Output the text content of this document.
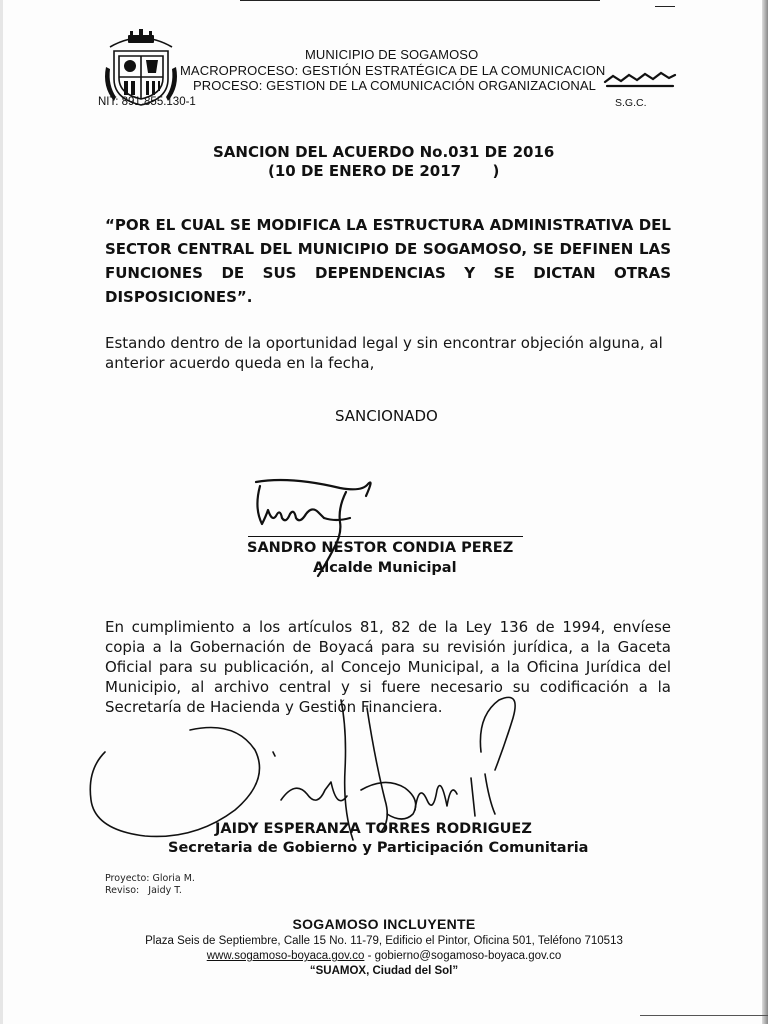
MUNICIPIO DE SOGAMOSO
MACROPROCESO: GESTIÓN ESTRATÉGICA DE LA COMUNICACION
PROCESO: GESTION DE LA COMUNICACIÓN ORGANIZACIONAL
NIT: 891.855.130-1	S.G.C.
SANCION DEL ACUERDO No.031 DE 2016
(10 DE ENERO DE 2017      )
“POR EL CUAL SE MODIFICA LA ESTRUCTURA ADMINISTRATIVA DEL SECTOR CENTRAL DEL MUNICIPIO DE SOGAMOSO, SE DEFINEN LAS FUNCIONES DE SUS DEPENDENCIAS Y SE DICTAN OTRAS DISPOSICIONES”.
Estando dentro de la oportunidad legal y sin encontrar objeción alguna, al anterior acuerdo queda en la fecha,
SANCIONADO
SANDRO NESTOR CONDIA PEREZ
Alcalde Municipal
En cumplimiento a los artículos 81, 82 de la Ley 136 de 1994, envíese copia a la Gobernación de Boyacá para su revisión jurídica, a la Gaceta Oficial para su publicación, al Concejo Municipal, a la Oficina Jurídica del Municipio, al archivo central y si fuere necesario su codificación a la Secretaría de Hacienda y Gestión Financiera.
JAIDY ESPERANZA TORRES RODRIGUEZ
Secretaria de Gobierno y Participación Comunitaria
Proyecto: Gloria M.
Reviso:   Jaidy T.
SOGAMOSO INCLUYENTE
Plaza Seis de Septiembre, Calle 15 No. 11-79, Edificio el Pintor, Oficina 501, Teléfono 710513
www.sogamoso-boyaca.gov.co - gobierno@sogamoso-boyaca.gov.co
“SUAMOX, Ciudad del Sol”
